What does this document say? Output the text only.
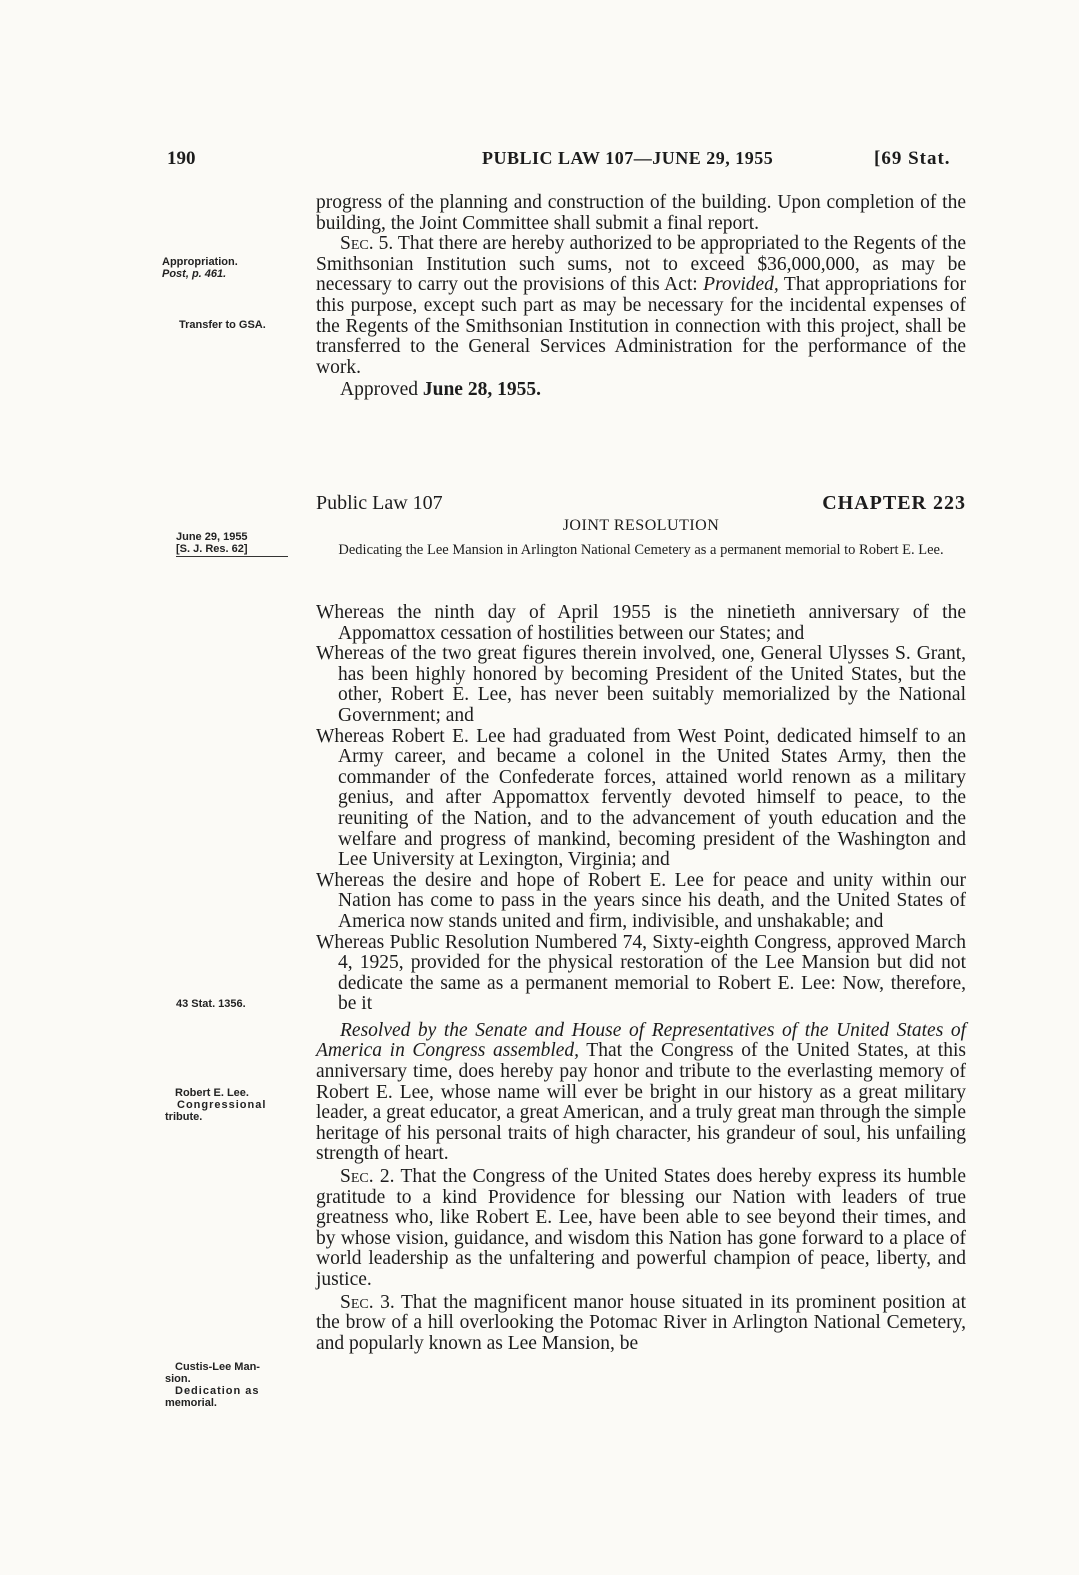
190	PUBLIC LAW 107—JUNE 29, 1955	[69 Stat.
Appropriation.
Post, p. 461.
Transfer to GSA.
June 29, 1955
[S. J. Res. 62]
43 Stat. 1356.
Robert E. Lee.
Congressional
tribute.
Custis-Lee Man-
sion.
Dedication as
memorial.

progress of the planning and construction of the building. Upon completion of the building, the Joint Committee shall submit a final report.

Sec. 5. That there are hereby authorized to be appropriated to the Regents of the Smithsonian Institution such sums, not to exceed $36,000,000, as may be necessary to carry out the provisions of this Act: Provided, That appropriations for this purpose, except such part as may be necessary for the incidental expenses of the Regents of the Smithsonian Institution in connection with this project, shall be transferred to the General Services Administration for the performance of the work.

Approved June 28, 1955.

Public Law 107	CHAPTER 223
JOINT RESOLUTION
Dedicating the Lee Mansion in Arlington National Cemetery as a permanent memorial to Robert E. Lee.

Whereas the ninth day of April 1955 is the ninetieth anniversary of the Appomattox cessation of hostilities between our States; and

Whereas of the two great figures therein involved, one, General Ulysses S. Grant, has been highly honored by becoming President of the United States, but the other, Robert E. Lee, has never been suitably memorialized by the National Government; and

Whereas Robert E. Lee had graduated from West Point, dedicated himself to an Army career, and became a colonel in the United States Army, then the commander of the Confederate forces, attained world renown as a military genius, and after Appomattox fervently devoted himself to peace, to the reuniting of the Nation, and to the advancement of youth education and the welfare and progress of mankind, becoming president of the Washington and Lee University at Lexington, Virginia; and

Whereas the desire and hope of Robert E. Lee for peace and unity within our Nation has come to pass in the years since his death, and the United States of America now stands united and firm, indivisible, and unshakable; and

Whereas Public Resolution Numbered 74, Sixty-eighth Congress, approved March 4, 1925, provided for the physical restoration of the Lee Mansion but did not dedicate the same as a permanent memorial to Robert E. Lee: Now, therefore, be it

Resolved by the Senate and House of Representatives of the United States of America in Congress assembled, That the Congress of the United States, at this anniversary time, does hereby pay honor and tribute to the everlasting memory of Robert E. Lee, whose name will ever be bright in our history as a great military leader, a great educator, a great American, and a truly great man through the simple heritage of his personal traits of high character, his grandeur of soul, his unfailing strength of heart.

Sec. 2. That the Congress of the United States does hereby express its humble gratitude to a kind Providence for blessing our Nation with leaders of true greatness who, like Robert E. Lee, have been able to see beyond their times, and by whose vision, guidance, and wisdom this Nation has gone forward to a place of world leadership as the unfaltering and powerful champion of peace, liberty, and justice.

Sec. 3. That the magnificent manor house situated in its prominent position at the brow of a hill overlooking the Potomac River in Arlington National Cemetery, and popularly known as Lee Mansion, be
